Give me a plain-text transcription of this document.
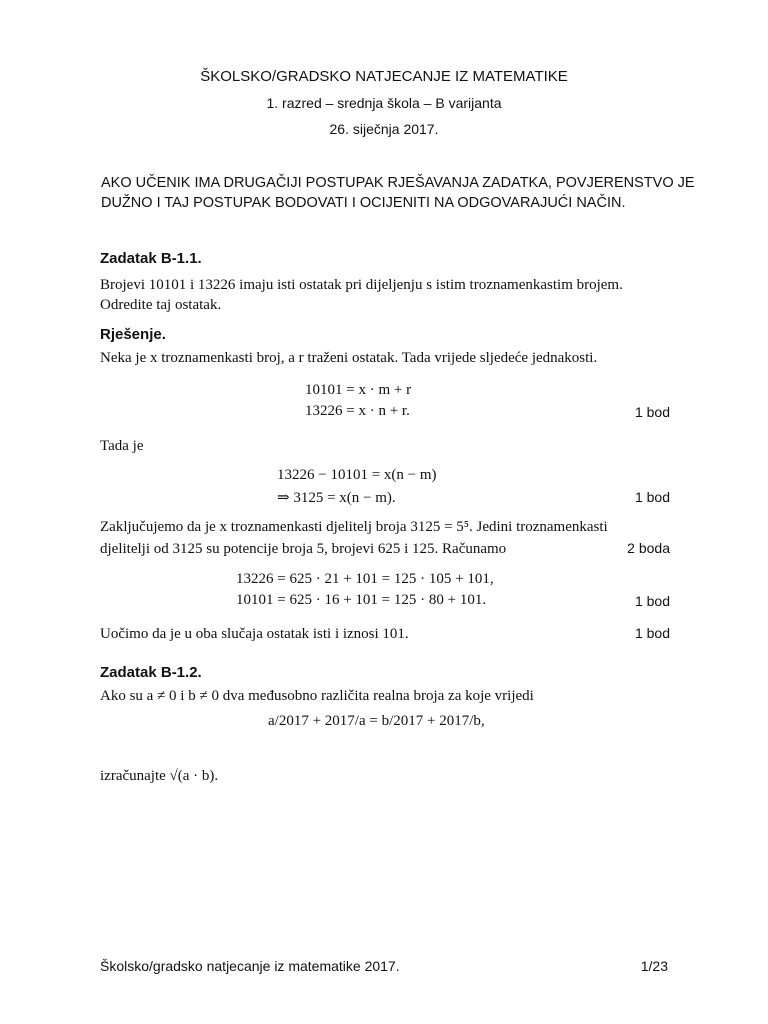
ŠKOLSKO/GRADSKO NATJECANJE IZ MATEMATIKE
1. razred – srednja škola – B varijanta
26. siječnja 2017.
AKO UČENIK IMA DRUGAČIJI POSTUPAK RJEŠAVANJA ZADATKA, POVJERENSTVO JE
DUŽNO I TAJ POSTUPAK BODOVATI I OCIJENITI NA ODGOVARAJUĆI NAČIN.
Zadatak B-1.1.
Brojevi 10101 i 13226 imaju isti ostatak pri dijeljenju s istim troznamenkastim brojem.
Odredite taj ostatak.
Rješenje.
Neka je x troznamenkasti broj, a r traženi ostatak. Tada vrijede sljedeće jednakosti.
10101 = x · m + r
13226 = x · n + r.	1 bod
Tada je
13226 − 10101 = x(n − m)
⇒ 3125 = x(n − m).	1 bod
Zaključujemo da je x troznamenkasti djelitelj broja 3125 = 5⁵. Jedini troznamenkasti
djelitelji od 3125 su potencije broja 5, brojevi 625 i 125. Računamo	2 boda
13226 = 625 · 21 + 101 = 125 · 105 + 101,
10101 = 625 · 16 + 101 = 125 · 80 + 101.	1 bod
Uočimo da je u oba slučaja ostatak isti i iznosi 101.	1 bod
Zadatak B-1.2.
Ako su a ≠ 0 i b ≠ 0 dva međusobno različita realna broja za koje vrijedi
a/2017 + 2017/a = b/2017 + 2017/b,
izračunajte √(a · b).
Školsko/gradsko natjecanje iz matematike 2017.	1/23
